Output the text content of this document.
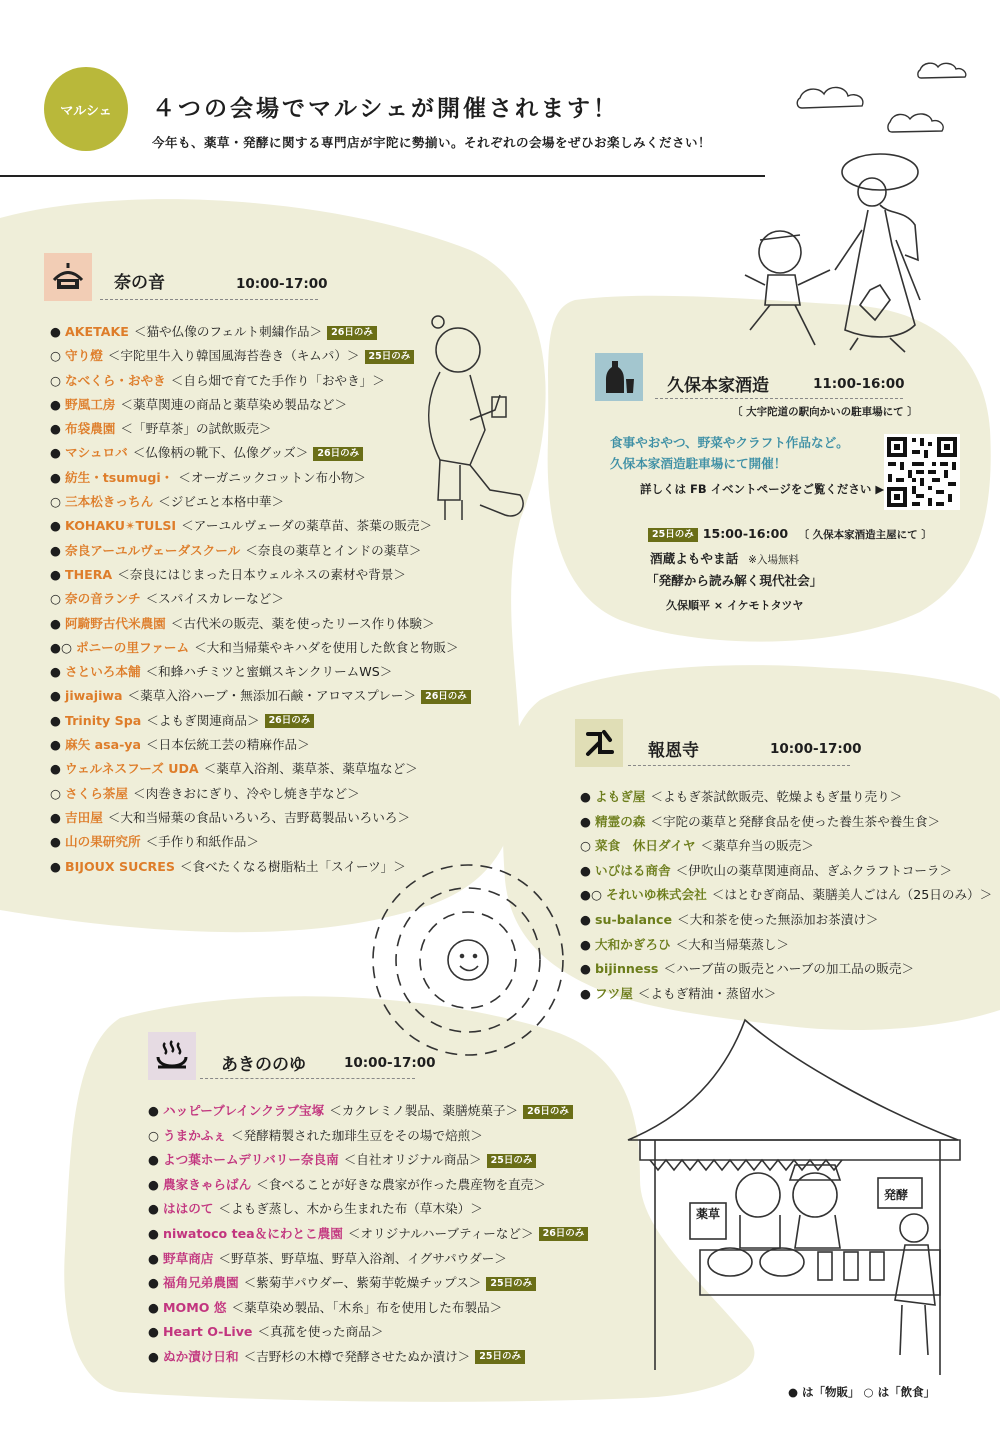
マルシェ	４つの会場でマルシェが開催されます！
今年も、薬草・発酵に関する専門店が宇陀に勢揃い。それぞれの会場をぜひお楽しみください！
奈の音	10:00-17:00
● AKETAKE ＜猫や仏像のフェルト刺繍作品＞ 26日のみ
○ 守り燈 ＜宇陀里牛入り韓国風海苔巻き（キムパ）＞ 25日のみ
○ なべくら・おやき ＜自ら畑で育てた手作り「おやき」＞
● 野風工房 ＜薬草関連の商品と薬草染め製品など＞
● 布袋農園 ＜「野草茶」の試飲販売＞
● マシュロバ ＜仏像柄の靴下、仏像グッズ＞ 26日のみ
● 紡生・tsumugi・ ＜オーガニックコットン布小物＞
○ 三本松きっちん ＜ジビエと本格中華＞
● KOHAKU✴TULSI ＜アーユルヴェーダの薬草苗、茶葉の販売＞
● 奈良アーユルヴェーダスクール ＜奈良の薬草とインドの薬草＞
● THERA ＜奈良にはじまった日本ウェルネスの素材や背景＞
○ 奈の音ランチ ＜スパイスカレーなど＞
● 阿騎野古代米農園 ＜古代米の販売、薬を使ったリース作り体験＞
●○ ポニーの里ファーム ＜大和当帰葉やキハダを使用した飲食と物販＞
● さといろ本舗 ＜和蜂ハチミツと蜜蝋スキンクリームWS＞
● jiwajiwa ＜薬草入浴ハーブ・無添加石鹸・アロマスプレー＞ 26日のみ
● Trinity Spa ＜よもぎ関連商品＞ 26日のみ
● 麻矢 asa-ya ＜日本伝統工芸の精麻作品＞
● ウェルネスフーズ UDA ＜薬草入浴剤、薬草茶、薬草塩など＞
○ さくら茶屋 ＜肉巻きおにぎり、冷やし焼き芋など＞
● 吉田屋 ＜大和当帰葉の食品いろいろ、吉野葛製品いろいろ＞
● 山の果研究所 ＜手作り和紙作品＞
● BIJOUX SUCRES ＜食べたくなる樹脂粘土「スイーツ」＞
久保本家酒造	11:00-16:00
〔 大宇陀道の駅向かいの駐車場にて 〕
食事やおやつ、野菜やクラフト作品など。
久保本家酒造駐車場にて開催！
詳しくは FB イベントページをご覧ください ▶
25日のみ 15:00-16:00 〔 久保本家酒造主屋にて 〕
酒蔵よもやま話 ※入場無料
「発酵から読み解く現代社会」
久保順平 × イケモトタツヤ
報恩寺	10:00-17:00
● よもぎ屋 ＜よもぎ茶試飲販売、乾燥よもぎ量り売り＞
● 精霊の森 ＜宇陀の薬草と発酵食品を使った養生茶や養生食＞
○ 菜食　休日ダイヤ ＜薬草弁当の販売＞
● いびはる商舎 ＜伊吹山の薬草関連商品、ぎふクラフトコーラ＞
●○ それいゆ株式会社 ＜はとむぎ商品、薬膳美人ごはん（25日のみ）＞
● su-balance ＜大和茶を使った無添加お茶漬け＞
● 大和かぎろひ ＜大和当帰葉蒸し＞
● bijinness ＜ハーブ苗の販売とハーブの加工品の販売＞
● フツ屋 ＜よもぎ精油・蒸留水＞
あきののゆ	10:00-17:00
● ハッピーブレインクラブ宝塚 ＜カクレミノ製品、薬膳焼菓子＞ 26日のみ
○ うまかふぇ ＜発酵精製された珈琲生豆をその場で焙煎＞
● よつ葉ホームデリバリー奈良南 ＜自社オリジナル商品＞ 25日のみ
● 農家きゃらばん ＜食べることが好きな農家が作った農産物を直売＞
● ははのて ＜よもぎ蒸し、木から生まれた布（草木染）＞
● niwatoco tea＆にわとこ農園 ＜オリジナルハーブティーなど＞ 26日のみ
● 野草商店 ＜野草茶、野草塩、野草入浴剤、イグサパウダー＞
● 福角兄弟農園 ＜紫菊芋パウダー、紫菊芋乾燥チップス＞ 25日のみ
● MOMO 悠 ＜薬草染め製品、「木糸」布を使用した布製品＞
● Heart O-Live ＜真菰を使った商品＞
● ぬか漬け日和 ＜吉野杉の木樽で発酵させたぬか漬け＞ 25日のみ
薬草
発酵
● は「物販」 ○ は「飲食」
